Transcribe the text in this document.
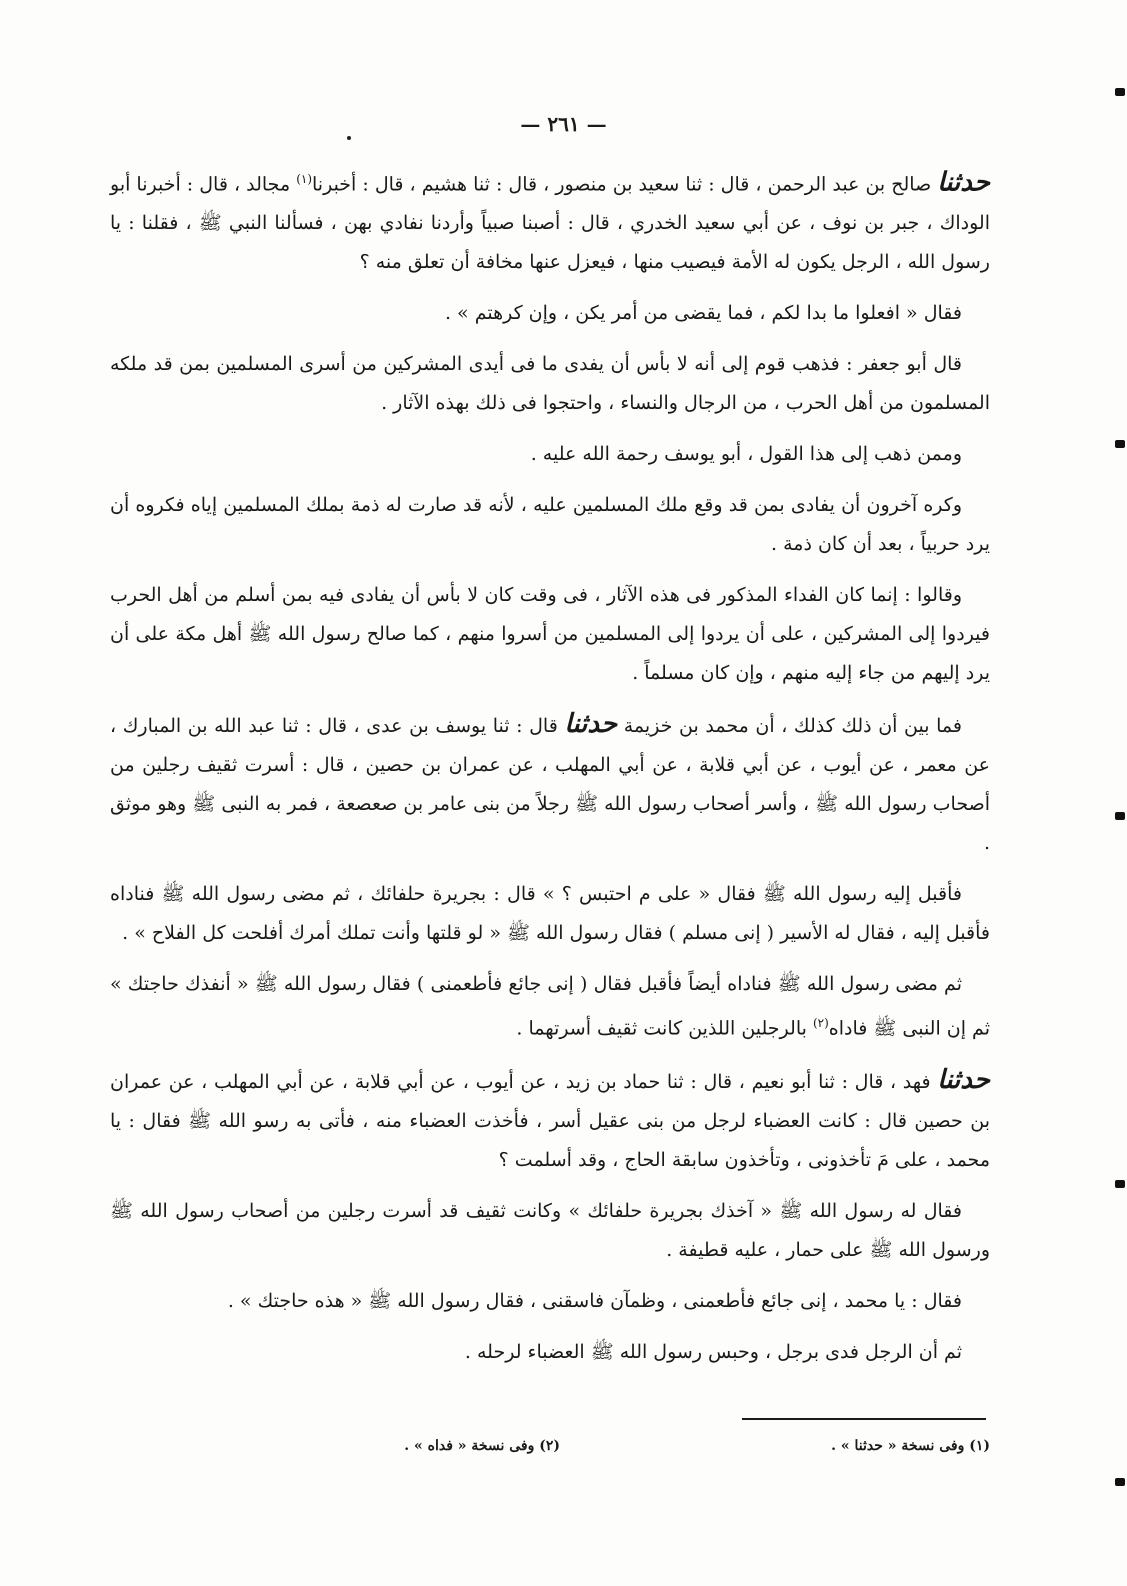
— ٢٦١ —

حدثنا صالح بن عبد الرحمن ، قال : ثنا سعيد بن منصور ، قال : ثنا هشيم ، قال : أخبرنا$^{(١)}$ مجالد ، قال : أخبرنا أبو الوداك ، جبر بن نوف ، عن أبي سعيد الخدري ، قال : أصبنا صبياً وأردنا نفادي بهن ، فسألنا النبي ﷺ ، فقلنا : يا رسول الله ، الرجل يكون له الأمة فيصيب منها ، فيعزل عنها مخافة أن تعلق منه ؟

فقال « افعلوا ما بدا لكم ، فما يقضى من أمر يكن ، وإن كرهتم » .

قال أبو جعفر : فذهب قوم إلى أنه لا بأس أن يفدى ما فى أيدى المشركين من أسرى المسلمين بمن قد ملكه المسلمون من أهل الحرب ، من الرجال والنساء ، واحتجوا فى ذلك بهذه الآثار .

وممن ذهب إلى هذا القول ، أبو يوسف رحمة الله عليه .

وكره آخرون أن يفادى بمن قد وقع ملك المسلمين عليه ، لأنه قد صارت له ذمة بملك المسلمين إياه فكروه أن يرد حربياً ، بعد أن كان ذمة .

وقالوا : إنما كان الفداء المذكور فى هذه الآثار ، فى وقت كان لا بأس أن يفادى فيه بمن أسلم من أهل الحرب فيردوا إلى المشركين ، على أن يردوا إلى المسلمين من أسروا منهم ، كما صالح رسول الله ﷺ أهل مكة على أن يرد إليهم من جاء إليه منهم ، وإن كان مسلماً .

فما بين أن ذلك كذلك ، أن محمد بن خزيمة حدثنا قال : ثنا يوسف بن عدى ، قال : ثنا عبد الله بن المبارك ، عن معمر ، عن أيوب ، عن أبي قلابة ، عن أبي المهلب ، عن عمران بن حصين ، قال : أسرت ثقيف رجلين من أصحاب رسول الله ﷺ ، وأسر أصحاب رسول الله ﷺ رجلاً من بنى عامر بن صعصعة ، فمر به النبى ﷺ وهو موثق .

فأقبل إليه رسول الله ﷺ فقال « على م احتبس ؟ » قال : بجريرة حلفائك ، ثم مضى رسول الله ﷺ فناداه فأقبل إليه ، فقال له الأسير ( إنى مسلم ) فقال رسول الله ﷺ « لو قلتها وأنت تملك أمرك أفلحت كل الفلاح » .

ثم مضى رسول الله ﷺ فناداه أيضاً فأقبل فقال ( إنى جائع فأطعمنى ) فقال رسول الله ﷺ « أنفذك حاجتك » ثم إن النبى ﷺ فاداه$^{(٢)}$ بالرجلين اللذين كانت ثقيف أسرتهما .

حدثنا فهد ، قال : ثنا أبو نعيم ، قال : ثنا حماد بن زيد ، عن أيوب ، عن أبي قلابة ، عن أبي المهلب ، عن عمران بن حصين قال : كانت العضباء لرجل من بنى عقيل أسر ، فأخذت العضباء منه ، فأتى به رسو الله ﷺ فقال : يا محمد ، على مَ تأخذونى ، وتأخذون سابقة الحاج ، وقد أسلمت ؟

فقال له رسول الله ﷺ « آخذك بجريرة حلفائك » وكانت ثقيف قد أسرت رجلين من أصحاب رسول الله ﷺ ورسول الله ﷺ على حمار ، عليه قطيفة .

فقال : يا محمد ، إنى جائع فأطعمنى ، وظمآن فاسقنى ، فقال رسول الله ﷺ « هذه حاجتك » .

ثم أن الرجل فدى برجل ، وحبس رسول الله ﷺ العضباء لرحله .

(١) وفى نسخة « حدثنا » .
(٢) وفى نسخة « فداه » .
